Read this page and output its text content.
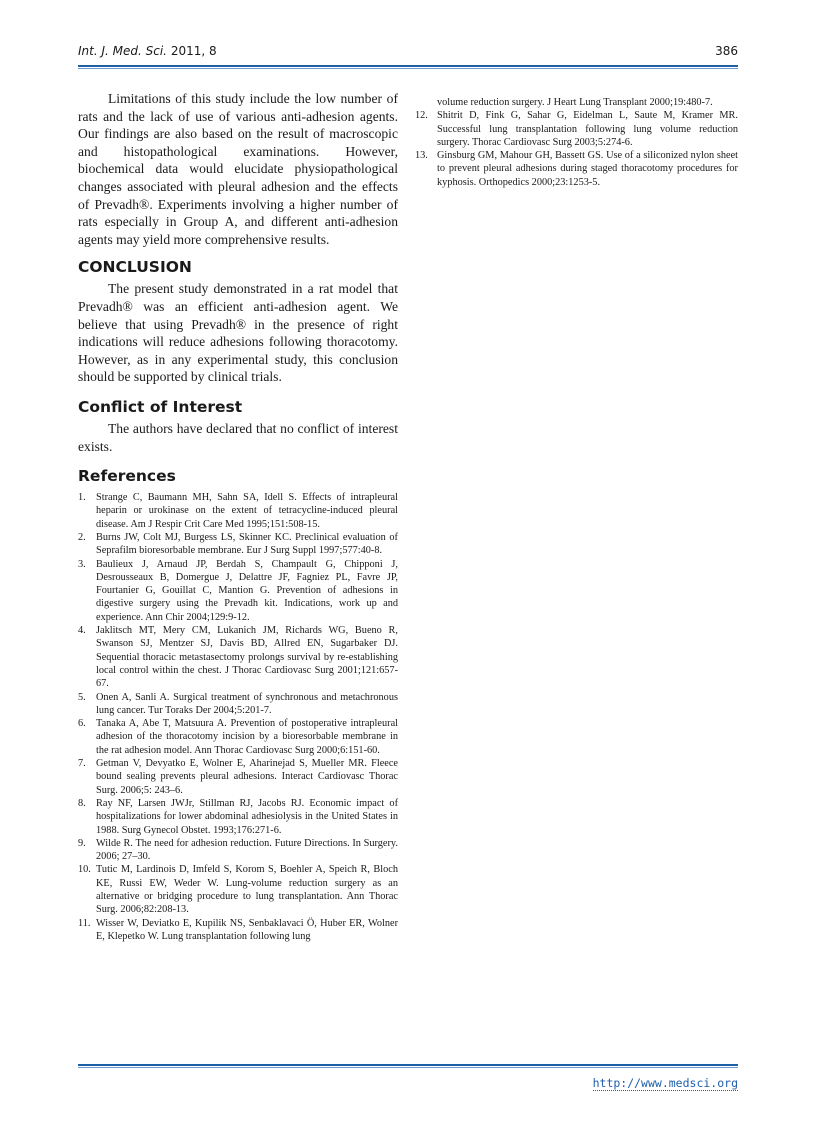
Int. J. Med. Sci. 2011, 8	386

Limitations of this study include the low number of rats and the lack of use of various anti-adhesion agents. Our findings are also based on the result of macroscopic and histopathological examinations. However, biochemical data would elucidate physiopathological changes associated with pleural adhesion and the effects of Prevadh®. Experiments involving a higher number of rats especially in Group A, and different anti-adhesion agents may yield more comprehensive results.

CONCLUSION

The present study demonstrated in a rat model that Prevadh® was an efficient anti-adhesion agent. We believe that using Prevadh® in the presence of right indications will reduce adhesions following thoracotomy. However, as in any experimental study, this conclusion should be supported by clinical trials.

Conflict of Interest

The authors have declared that no conflict of interest exists.

References
1. Strange C, Baumann MH, Sahn SA, Idell S. Effects of intrapleural heparin or urokinase on the extent of tetracycline-induced pleural disease. Am J Respir Crit Care Med 1995;151:508-15.
2. Burns JW, Colt MJ, Burgess LS, Skinner KC. Preclinical evaluation of Seprafilm bioresorbable membrane. Eur J Surg Suppl 1997;577:40-8.
3. Baulieux J, Arnaud JP, Berdah S, Champault G, Chipponi J, Desrousseaux B, Domergue J, Delattre JF, Fagniez PL, Favre JP, Fourtanier G, Gouillat C, Mantion G. Prevention of adhesions in digestive surgery using the Prevadh kit. Indications, work up and experience. Ann Chir 2004;129:9-12.
4. Jaklitsch MT, Mery CM, Lukanich JM, Richards WG, Bueno R, Swanson SJ, Mentzer SJ, Davis BD, Allred EN, Sugarbaker DJ. Sequential thoracic metastasectomy prolongs survival by re-establishing local control within the chest. J Thorac Cardiovasc Surg 2001;121:657-67.
5. Onen A, Sanli A. Surgical treatment of synchronous and metachronous lung cancer. Tur Toraks Der 2004;5:201-7.
6. Tanaka A, Abe T, Matsuura A. Prevention of postoperative intrapleural adhesion of the thoracotomy incision by a bioresorbable membrane in the rat adhesion model. Ann Thorac Cardiovasc Surg 2000;6:151-60.
7. Getman V, Devyatko E, Wolner E, Aharinejad S, Mueller MR. Fleece bound sealing prevents pleural adhesions. Interact Cardiovasc Thorac Surg. 2006;5: 243–6.
8. Ray NF, Larsen JWJr, Stillman RJ, Jacobs RJ. Economic impact of hospitalizations for lower abdominal adhesiolysis in the United States in 1988. Surg Gynecol Obstet. 1993;176:271-6.
9. Wilde R. The need for adhesion reduction. Future Directions. In Surgery. 2006; 27–30.
10. Tutic M, Lardinois D, Imfeld S, Korom S, Boehler A, Speich R, Bloch KE, Russi EW, Weder W. Lung-volume reduction surgery as an alternative or bridging procedure to lung transplantation. Ann Thorac Surg. 2006;82:208-13.
11. Wisser W, Deviatko E, Kupilik NS, Senbaklavaci Ö, Huber ER, Wolner E, Klepetko W. Lung transplantation following lung
volume reduction surgery. J Heart Lung Transplant 2000;19:480-7.
12. Shitrit D, Fink G, Sahar G, Eidelman L, Saute M, Kramer MR. Successful lung transplantation following lung volume reduction surgery. Thorac Cardiovasc Surg 2003;5:274-6.
13. Ginsburg GM, Mahour GH, Bassett GS. Use of a siliconized nylon sheet to prevent pleural adhesions during staged thoracotomy procedures for kyphosis. Orthopedics 2000;23:1253-5.
http://www.medsci.org
